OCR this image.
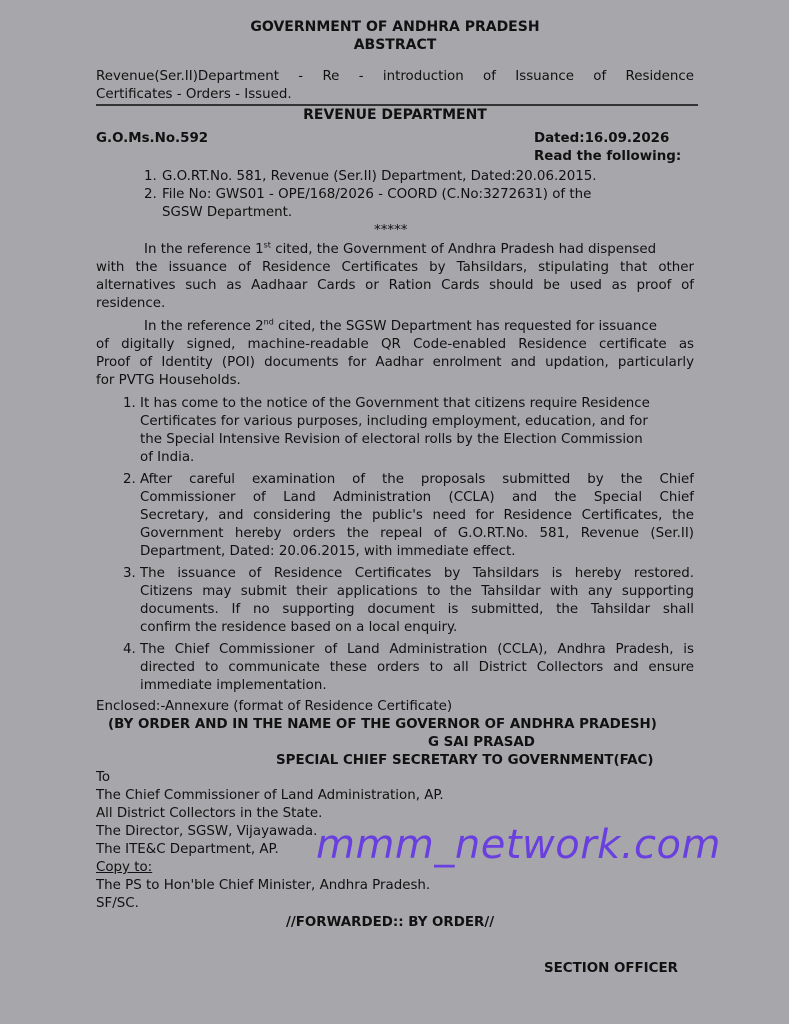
GOVERNMENT OF ANDHRA PRADESH
ABSTRACT
Revenue(Ser.II)Department - Re - introduction of Issuance of Residence
Certificates - Orders - Issued.
REVENUE DEPARTMENT
G.O.Ms.No.592	Dated:16.09.2026
Read the following:
1. G.O.RT.No. 581, Revenue (Ser.II) Department, Dated:20.06.2015.
2. File No: GWS01 - OPE/168/2026 - COORD (C.No:3272631) of the
SGSW Department.
*****
In the reference 1st cited, the Government of Andhra Pradesh had dispensed
with the issuance of Residence Certificates by Tahsildars, stipulating that other
alternatives such as Aadhaar Cards or Ration Cards should be used as proof of
residence.
In the reference 2nd cited, the SGSW Department has requested for issuance
of digitally signed, machine-readable QR Code-enabled Residence certificate as
Proof of Identity (POI) documents for Aadhar enrolment and updation, particularly
for PVTG Households.
1. It has come to the notice of the Government that citizens require Residence
Certificates for various purposes, including employment, education, and for
the Special Intensive Revision of electoral rolls by the Election Commission
of India.
2. After careful examination of the proposals submitted by the Chief
Commissioner of Land Administration (CCLA) and the Special Chief
Secretary, and considering the public's need for Residence Certificates, the
Government hereby orders the repeal of G.O.RT.No. 581, Revenue (Ser.II)
Department, Dated: 20.06.2015, with immediate effect.
3. The issuance of Residence Certificates by Tahsildars is hereby restored.
Citizens may submit their applications to the Tahsildar with any supporting
documents. If no supporting document is submitted, the Tahsildar shall
confirm the residence based on a local enquiry.
4. The Chief Commissioner of Land Administration (CCLA), Andhra Pradesh, is
directed to communicate these orders to all District Collectors and ensure
immediate implementation.
Enclosed:-Annexure (format of Residence Certificate)
(BY ORDER AND IN THE NAME OF THE GOVERNOR OF ANDHRA PRADESH)
G SAI PRASAD
SPECIAL CHIEF SECRETARY TO GOVERNMENT(FAC)
To
The Chief Commissioner of Land Administration, AP.
All District Collectors in the State.
The Director, SGSW, Vijayawada.
The ITE&C Department, AP.
Copy to:
The PS to Hon'ble Chief Minister, Andhra Pradesh.
SF/SC.
//FORWARDED:: BY ORDER//
SECTION OFFICER
mmm_network.com
